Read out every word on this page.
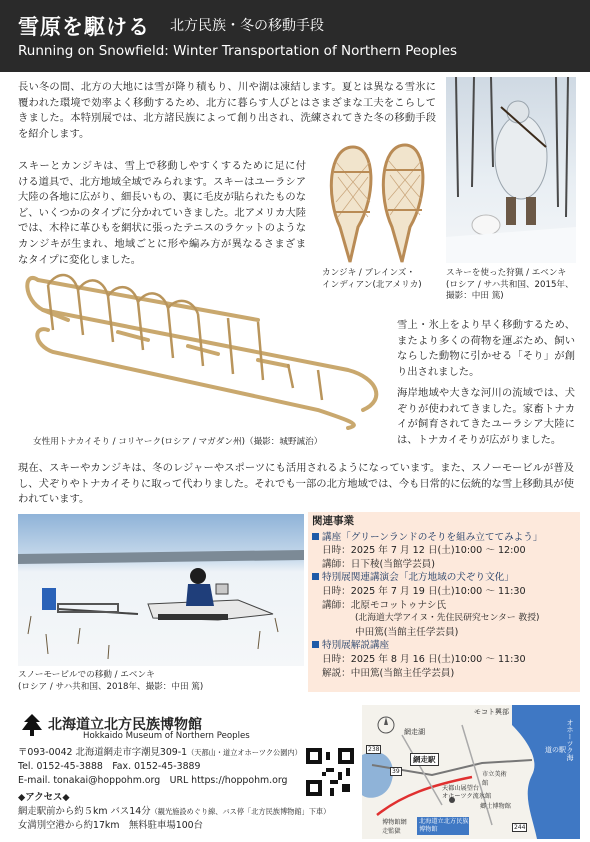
雪原を駆ける 北方民族・冬の移動手段
Running on Snowfield: Winter Transportation of Northern Peoples

長い冬の間、北方の大地には雪が降り積もり、川や湖は凍結します。夏とは異なる雪氷に覆われた環境で効率よく移動するため、北方に暮らす人びとはさまざまな工夫をこらしてきました。本特別展では、北方諸民族によって創り出され、洗練されてきた冬の移動手段を紹介します。

スキーを使った狩猟 / エベンキ
(ロシア / サハ共和国、2015年、
撮影：中田 篤)

スキーとカンジキは、雪上で移動しやすくするために足に付ける道具で、北方地域全域でみられます。スキーはユーラシア大陸の各地に広がり、細長いもの、裏に毛皮が貼られたものなど、いくつかのタイプに分かれていきました。北アメリカ大陸では、木枠に革ひもを網状に張ったテニスのラケットのようなカンジキが生まれ、地域ごとに形や編み方が異なるさまざまなタイプに変化しました。

カンジキ / ブレインズ・
インディアン(北アメリカ)
女性用トナカイそり / コリヤーク(ロシア / マガダン州)（撮影：城野誠治）

雪上・氷上をより早く移動するため、またより多くの荷物を運ぶため、飼いならした動物に引かせる「そり」が創り出されました。

海岸地域や大きな河川の流域では、犬ぞりが使われてきました。家畜トナカイが飼育されてきたユーラシア大陸には、トナカイそりが広がりました。

現在、スキーやカンジキは、冬のレジャーやスポーツにも活用されるようになっています。また、スノーモービルが普及し、犬ぞりやトナカイそりに取って代わりました。それでも一部の北方地域では、今も日常的に伝統的な雪上移動具が使われています。

スノーモービルでの移動 / エベンキ
(ロシア / サハ共和国、2018年、撮影：中田 篤)
関連事業
講座「グリーンランドのそりを組み立ててみよう」
日時：2025 年 7 月 12 日(土)10:00 ～ 12:00
講師：日下稜(当館学芸員)
特別展関連講演会「北方地域の犬ぞり文化」
日時：2025 年 7 月 19 日(土)10:00 ～ 11:30
講師：北原モコットゥナシ氏
(北海道大学アイヌ・先住民研究センター 教授)
中田篤(当館主任学芸員)
特別展解説講座
日時：2025 年 8 月 16 日(土)10:00 ～ 11:30
解説：中田篤(当館主任学芸員)
北海道立北方民族博物館
Hokkaido Museum of Northern Peoples
〒093-0042 北海道網走市字潮見309-1（天都山・道立オホーツク公園内）
Tel. 0152-45-3888　 Fax. 0152-45-3889
E-mail. tonakai@hoppohm.org　 URL https://hoppohm.org
◆アクセス◆
網走駅前から約５km バス14分（観光施設めぐり線、バス停「北方民族博物館」下車）
女満別空港から約17km　無料駐車場100台
モコト興部
オホーツク海
網走湖
網走駅
道の駅
天都山展望台
オホーツク流氷館
市立美術館
郷土博物館
博物館網走監獄
北海道立北方民族博物館
238
39
244
